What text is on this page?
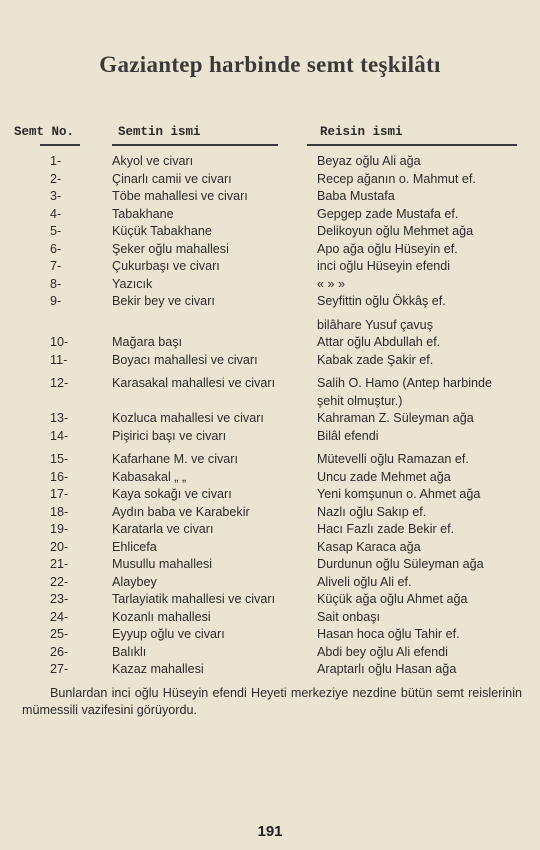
Gaziantep harbinde semt teşkilâtı
Semt No.	Semtin ismi	Reisin ismi
1-	Akyol ve civarı	Beyaz oğlu Ali ağa
2-	Çinarlı camii ve civarı	Recep ağanın o. Mahmut ef.
3-	Töbe mahallesi ve civarı	Baba Mustafa
4-	Tabakhane	Gepgep zade Mustafa ef.
5-	Küçük Tabakhane	Delikoyun oğlu Mehmet ağa
6-	Şeker oğlu mahallesi	Apo ağa oğlu Hüseyin ef.
7-	Çukurbaşı ve civarı	inci oğlu Hüseyin efendi
8-	Yazıcık	« » »
9-	Bekir bey ve civarı	Seyfittin oğlu Ökkâş ef.
bilâhare Yusuf çavuş
10-	Mağara başı	Attar oğlu Abdullah ef.
11-	Boyacı mahallesi ve civarı	Kabak zade Şakir ef.
12-	Karasakal mahallesi ve civarı	Salih O. Hamo (Antep harbinde
şehit olmuştur.)
13-	Kozluca mahallesi ve civarı	Kahraman Z. Süleyman ağa
14-	Pişirici başı ve civarı	Bilâl efendi
15-	Kafarhane M. ve civarı	Mütevelli oğlu Ramazan ef.
16-	Kabasakal „ „	Uncu zade Mehmet ağa
17-	Kaya sokağı ve civarı	Yeni komşunun o. Ahmet ağa
18-	Aydın baba ve Karabekir	Nazlı oğlu Sakıp ef.
19-	Karatarla ve civarı	Hacı Fazlı zade Bekir ef.
20-	Ehlicefa	Kasap Karaca ağa
21-	Musullu mahallesi	Durdunun oğlu Süleyman ağa
22-	Alaybey	Aliveli oğlu Ali ef.
23-	Tarlayiatik mahallesi ve civarı	Küçük ağa oğlu Ahmet ağa
24-	Kozanlı mahallesi	Sait onbaşı
25-	Eyyup oğlu ve civarı	Hasan hoca oğlu Tahir ef.
26-	Balıklı	Abdi bey oğlu Ali efendi
27-	Kazaz mahallesi	Araptarlı oğlu Hasan ağa
Bunlardan inci oğlu Hüseyin efendi Heyeti merkeziye nezdine bütün semt reislerinin mümessili vazifesini görüyordu.
191
